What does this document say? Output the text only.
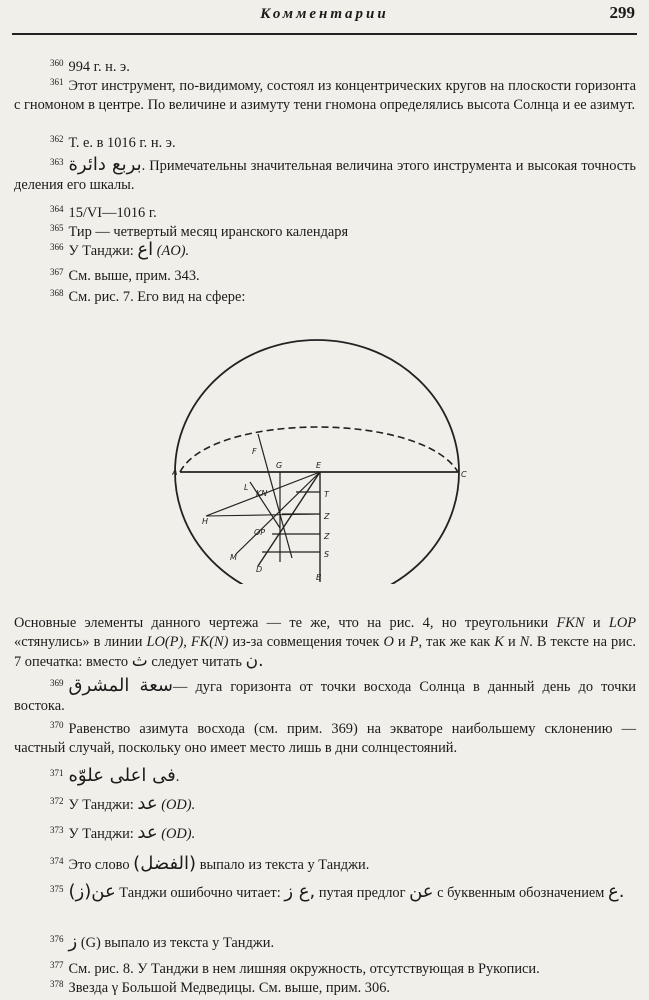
Комментарии	299
$^{360}$ 994 г. н. э.
$^{361}$ Этот инструмент, по-видимому, состоял из концентрических кругов на плоскости горизонта с гномоном в центре. По величине и азимуту тени гномона определялись высота Солнца и ее азимут.
$^{362}$ Т. е. в 1016 г. н. э.
$^{363}$ بربع دائرة. Примечательны значительная величина этого инструмента и высокая точность деления его шкалы.
$^{364}$ 15/VI—1016 г.
$^{365}$ Тир — четвертый месяц иранского календаря
$^{366}$ У Танджи: اع (AO).
$^{367}$ См. выше, прим. 343.
$^{368}$ См. рис. 7. Его вид на сфере:
A	C
E
B
F
G
H
L
KN
OP
M
D
T
Z
Z
S
Основные элементы данного чертежа — те же, что на рис. 4, но треугольники FKN и LOP «стянулись» в линии LO(P), FK(N) из-за совмещения точек O и P, так же как K и N. В тексте на рис. 7 опечатка: вместо ث следует читать ن.
$^{369}$ سعة المشرق— дуга горизонта от точки восхода Солнца в данный день до точки востока.
$^{370}$ Равенство азимута восхода (см. прим. 369) на экваторе наибольшему склонению — частный случай, поскольку оно имеет место лишь в дни солнцестояний.
$^{371}$ فى اعلى علوّه.
$^{372}$ У Танджи: عد (OD).
$^{373}$ У Танджи: عد (OD).
$^{374}$ Это слово (الفضل) выпало из текста у Танджи.
$^{375}$ عن(ز) Танджи ошибочно читает: ع ز, путая предлог عن с буквенным обозначением ع.
$^{376}$ ز (G) выпало из текста у Танджи.
$^{377}$ См. рис. 8. У Танджи в нем лишняя окружность, отсутствующая в Рукописи.
$^{378}$ Звезда γ Большой Медведицы. См. выше, прим. 306.
